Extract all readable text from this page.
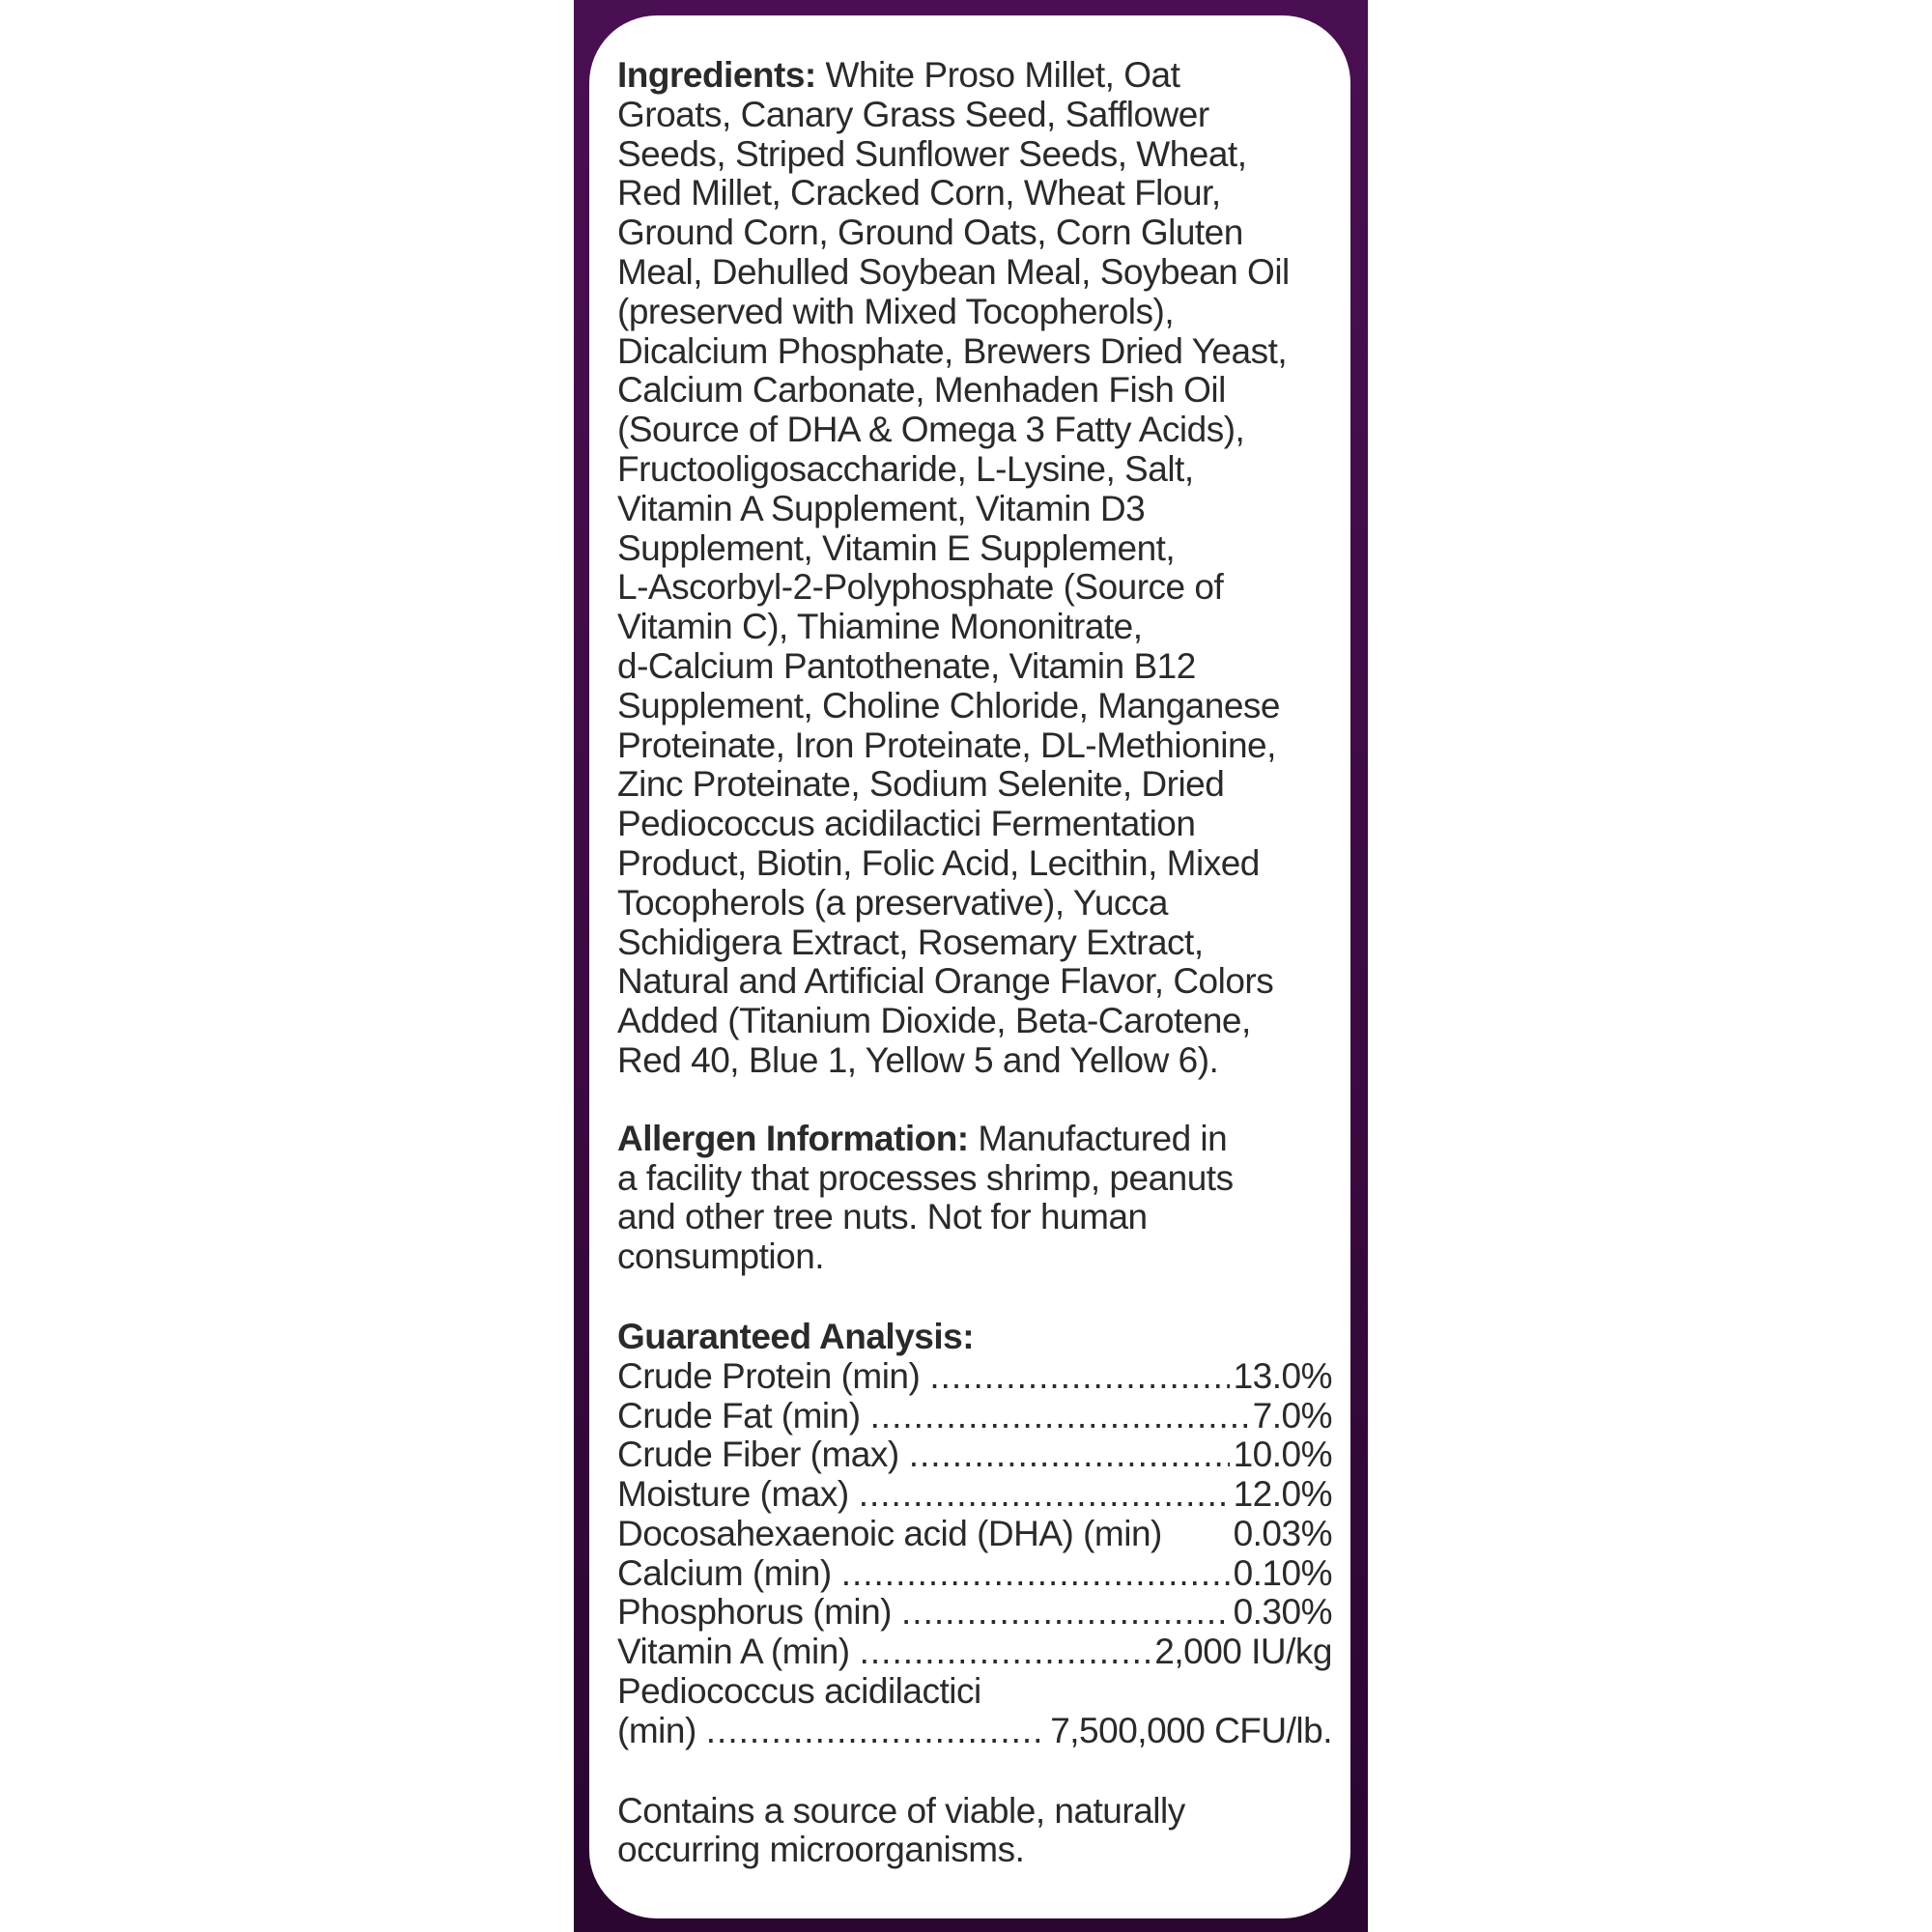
Ingredients: White Proso Millet, Oat
Groats, Canary Grass Seed, Safflower
Seeds, Striped Sunflower Seeds, Wheat,
Red Millet, Cracked Corn, Wheat Flour,
Ground Corn, Ground Oats, Corn Gluten
Meal, Dehulled Soybean Meal, Soybean Oil
(preserved with Mixed Tocopherols),
Dicalcium Phosphate, Brewers Dried Yeast,
Calcium Carbonate, Menhaden Fish Oil
(Source of DHA & Omega 3 Fatty Acids),
Fructooligosaccharide, L-Lysine, Salt,
Vitamin A Supplement, Vitamin D3
Supplement, Vitamin E Supplement,
L-Ascorbyl-2-Polyphosphate (Source of
Vitamin C), Thiamine Mononitrate,
d-Calcium Pantothenate, Vitamin B12
Supplement, Choline Chloride, Manganese
Proteinate, Iron Proteinate, DL-Methionine,
Zinc Proteinate, Sodium Selenite, Dried
Pediococcus acidilactici Fermentation
Product, Biotin, Folic Acid, Lecithin, Mixed
Tocopherols (a preservative), Yucca
Schidigera Extract, Rosemary Extract,
Natural and Artificial Orange Flavor, Colors
Added (Titanium Dioxide, Beta-Carotene,
Red 40, Blue 1, Yellow 5 and Yellow 6).

Allergen Information: Manufactured in
a facility that processes shrimp, peanuts
and other tree nuts. Not for human
consumption.

Guaranteed Analysis:
Crude Protein (min) .....	13.0%
Crude Fat (min) .....	7.0%
Crude Fiber (max) .....	10.0%
Moisture (max) .....	12.0%
Docosahexaenoic acid (DHA) (min) 0.03%
Calcium (min) .....	0.10%
Phosphorus (min) .....	0.30%
Vitamin A (min) .....	2,000 IU/kg
Pediococcus acidilactici
(min) .....	7,500,000 CFU/lb.

Contains a source of viable, naturally
occurring microorganisms.
